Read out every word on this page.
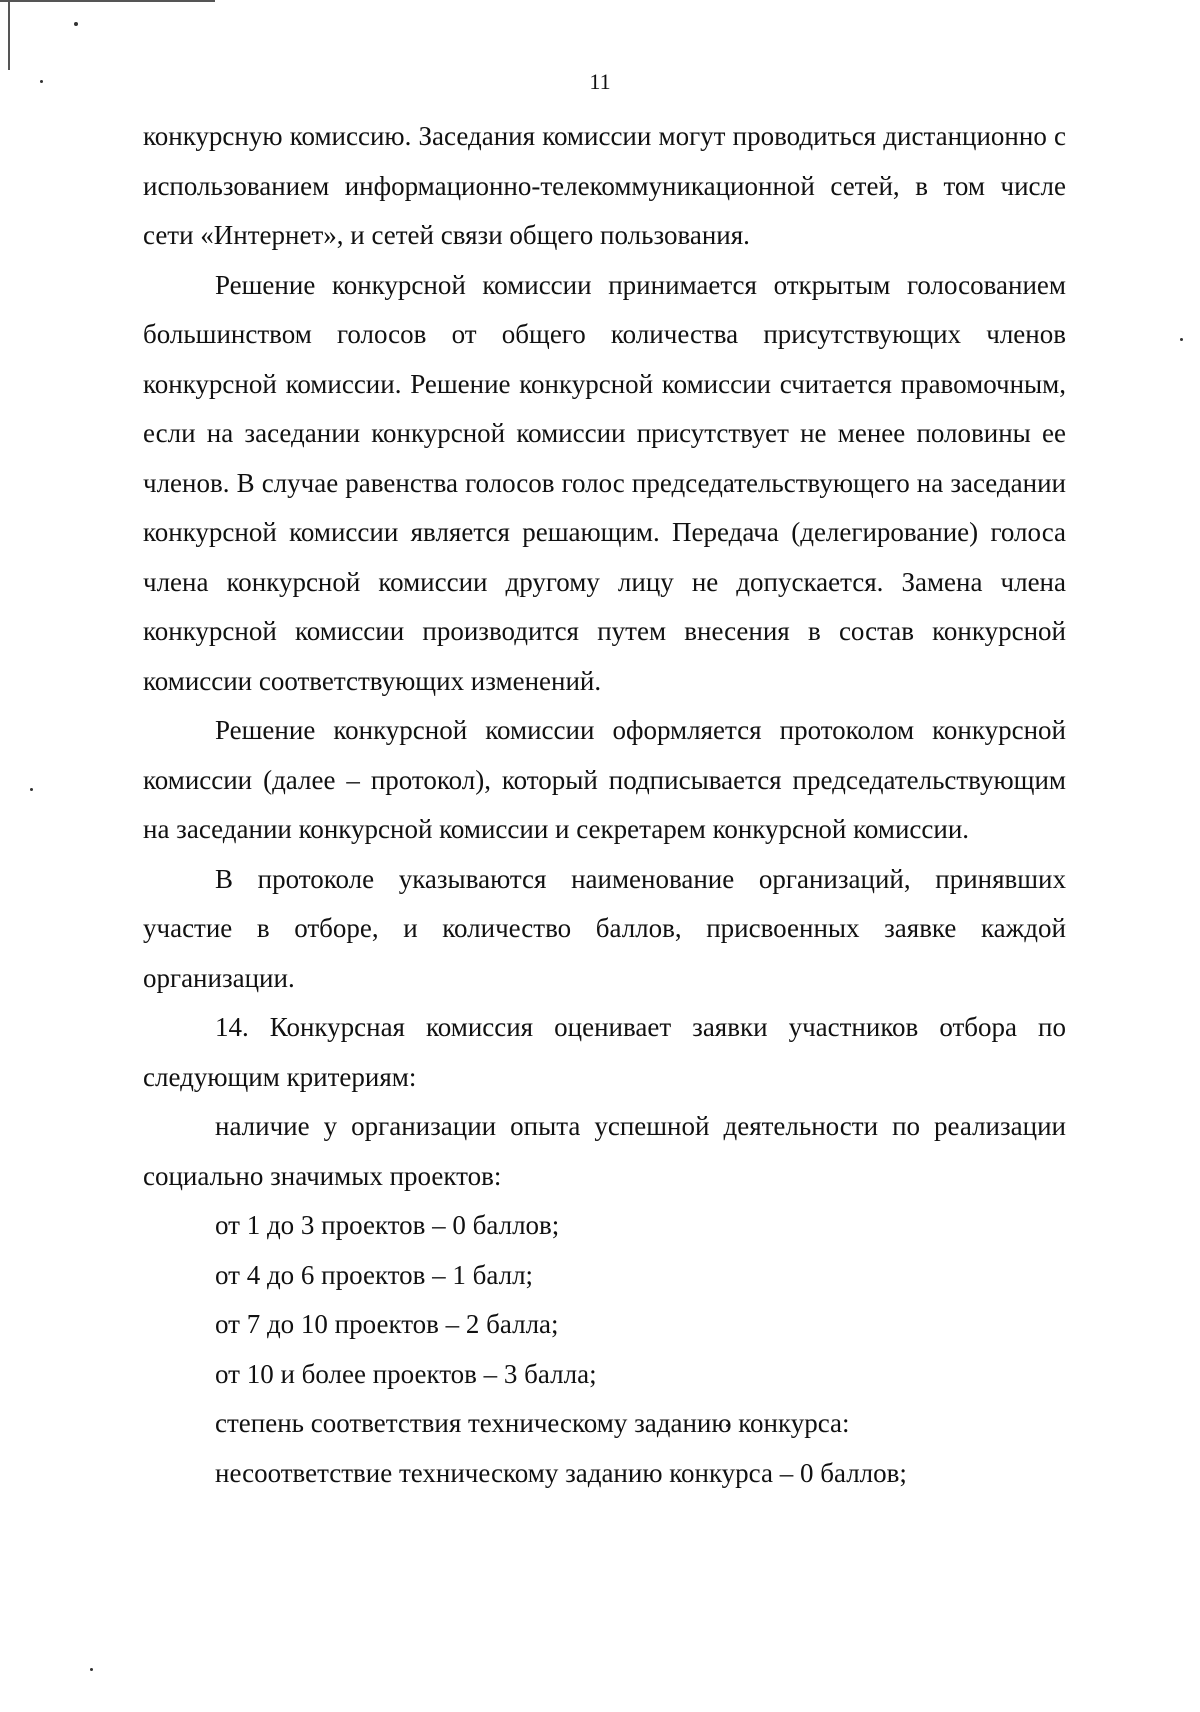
11

конкурсную комиссию. Заседания комиссии могут проводиться дистанционно с использованием информационно-телекоммуникационной сетей, в том числе сети «Интернет», и сетей связи общего пользования.

Решение конкурсной комиссии принимается открытым голосованием большинством голосов от общего количества присутствующих членов конкурсной комиссии. Решение конкурсной комиссии считается правомочным, если на заседании конкурсной комиссии присутствует не менее половины ее членов. В случае равенства голосов голос председательствующего на заседании конкурсной комиссии является решающим. Передача (делегирование) голоса члена конкурсной комиссии другому лицу не допускается. Замена члена конкурсной комиссии производится путем внесения в состав конкурсной комиссии соответствующих изменений.

Решение конкурсной комиссии оформляется протоколом конкурсной комиссии (далее – протокол), который подписывается председательствующим на заседании конкурсной комиссии и секретарем конкурсной комиссии.

В протоколе указываются наименование организаций, принявших участие в отборе, и количество баллов, присвоенных заявке каждой организации.

14. Конкурсная комиссия оценивает заявки участников отбора по следующим критериям:

наличие у организации опыта успешной деятельности по реализации социально значимых проектов:

от 1 до 3 проектов – 0 баллов;

от 4 до 6 проектов – 1 балл;

от 7 до 10 проектов – 2 балла;

от 10 и более проектов – 3 балла;

степень соответствия техническому заданию конкурса:

несоответствие техническому заданию конкурса – 0 баллов;
